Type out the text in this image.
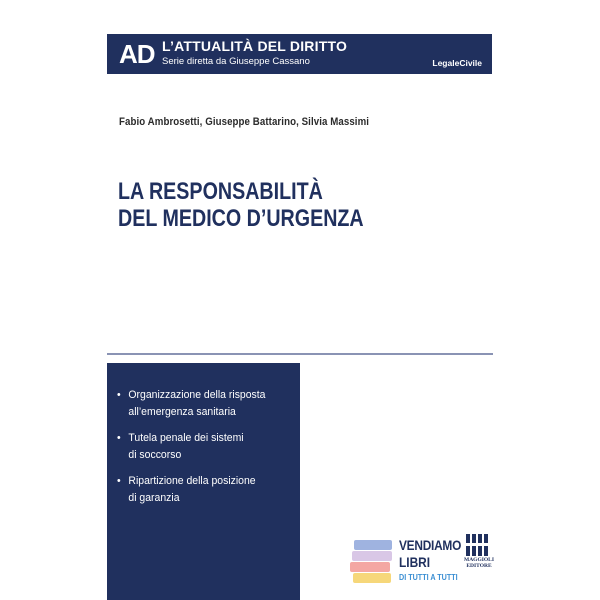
AD L’ATTUALITÀ DEL DIRITTO
Serie diretta da Giuseppe Cassano	LegaleCivile
Fabio Ambrosetti, Giuseppe Battarino, Silvia Massimi
LA RESPONSABILITÀ
DEL MEDICO D’URGENZA
• Organizzazione della risposta
all’emergenza sanitaria
• Tutela penale dei sistemi
di soccorso
• Ripartizione della posizione
di garanzia
VENDIAMO
LIBRI
DI TUTTI A TUTTI
MAGGIOLI
EDITORE
